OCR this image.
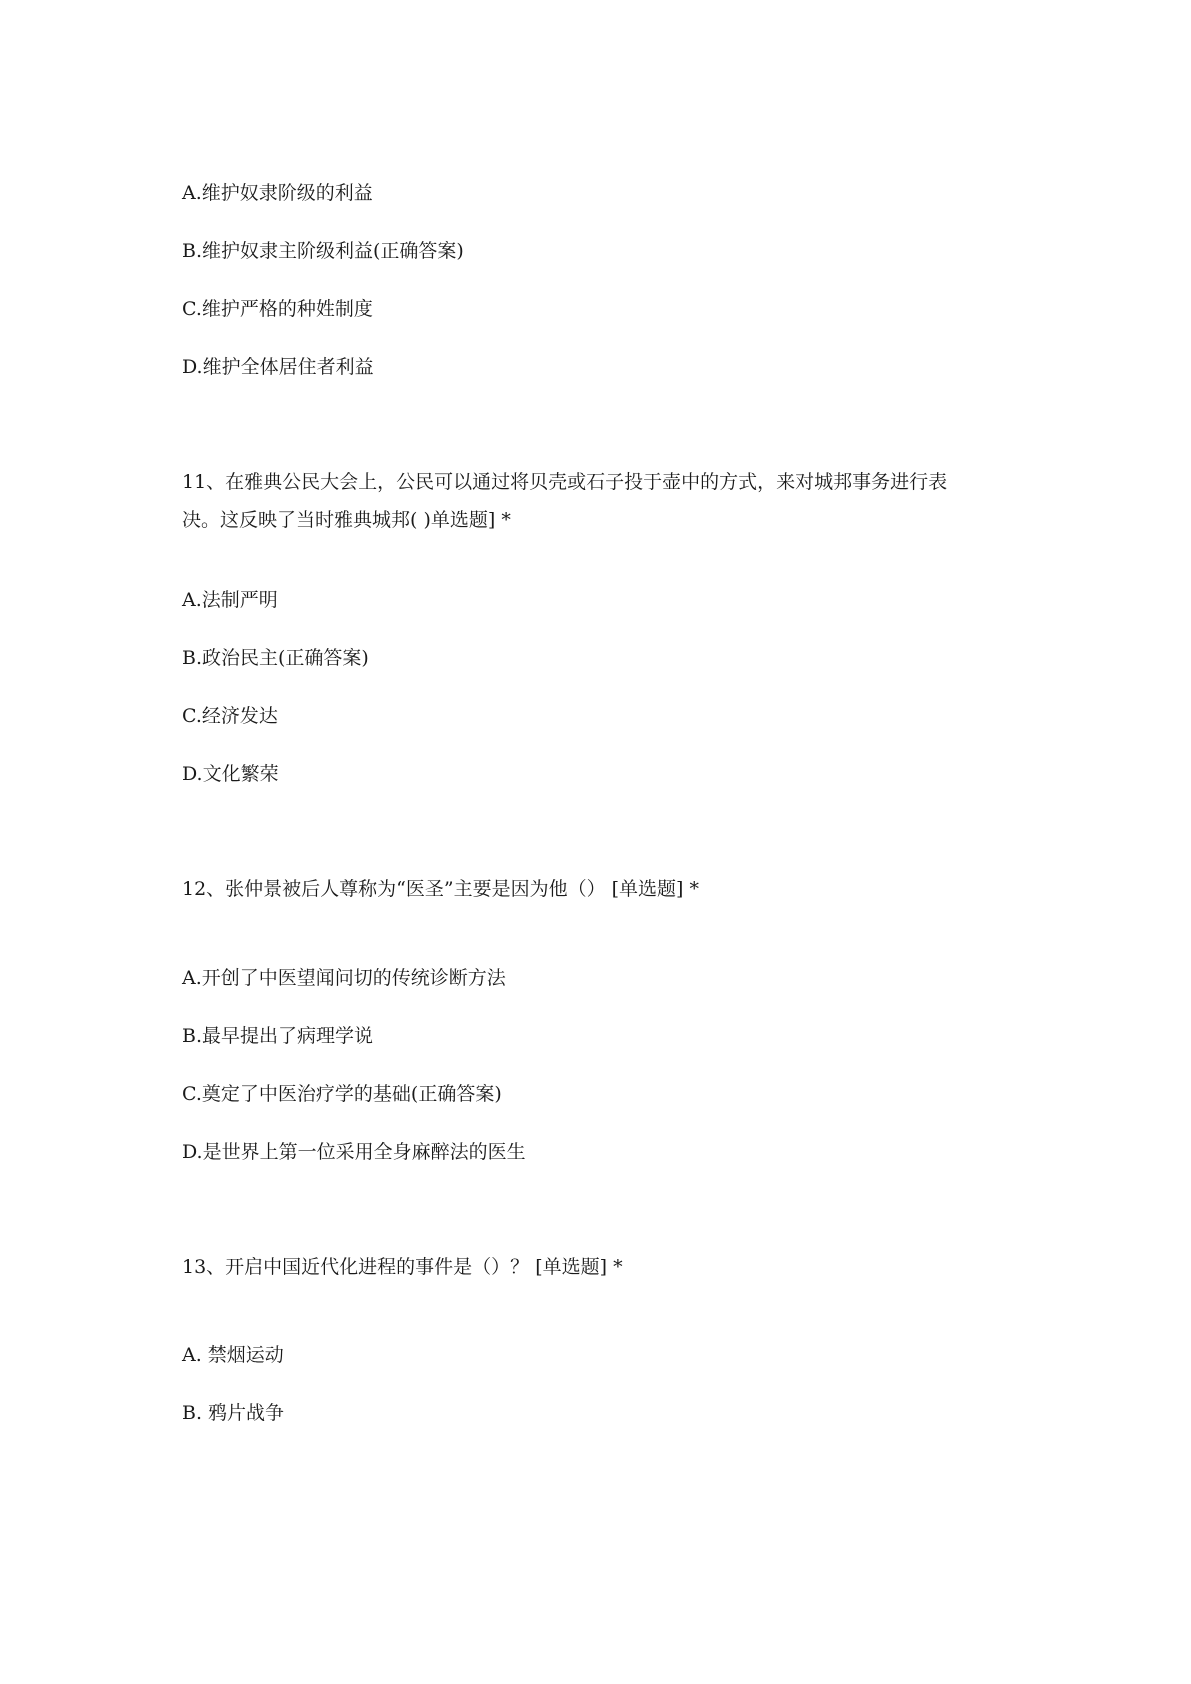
A.维护奴隶阶级的利益
B.维护奴隶主阶级利益(正确答案)
C.维护严格的种姓制度
D.维护全体居住者利益
11、在雅典公民大会上，公民可以通过将贝壳或石子投于壶中的方式，来对城邦事务进行表
决。这反映了当时雅典城邦( )单选题] *
A.法制严明
B.政治民主(正确答案)
C.经济发达
D.文化繁荣
12、张仲景被后人尊称为“医圣”主要是因为他（） [单选题] *
A.开创了中医望闻问切的传统诊断方法
B.最早提出了病理学说
C.奠定了中医治疗学的基础(正确答案)
D.是世界上第一位采用全身麻醉法的医生
13、开启中国近代化进程的事件是（）？ [单选题] *
A. 禁烟运动
B. 鸦片战争
